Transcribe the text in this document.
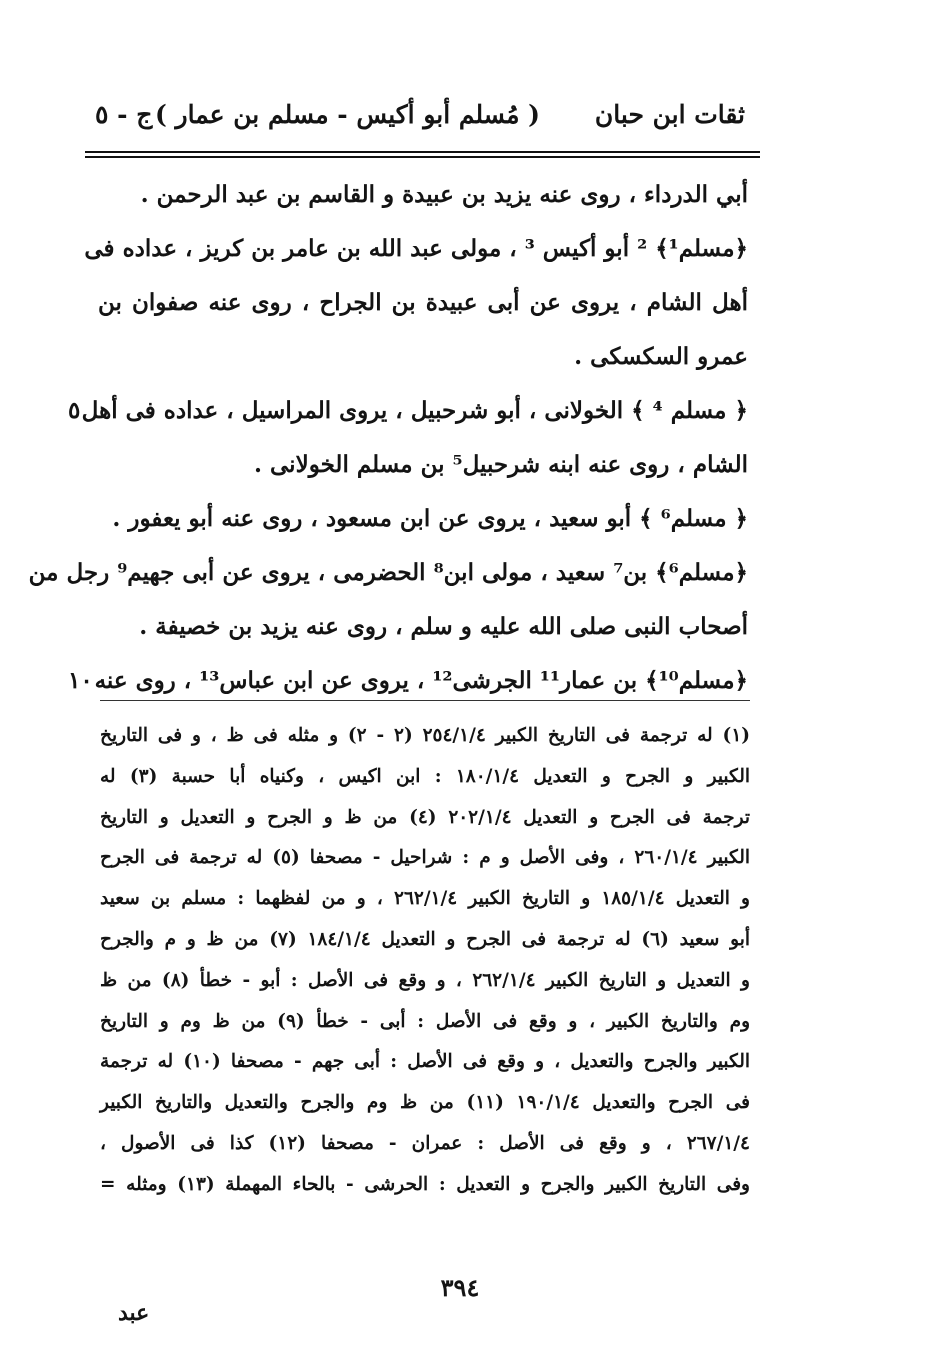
ثقات ابن حبان
( مُسلم أبو أكيس - مسلم بن عمار )
ج - ٥
أبي الدرداء ، روى عنه يزيد بن عبيدة و القاسم بن عبد الرحمن .
﴿مسلم¹﴾ ² أبو أكيس ³ ، مولى عبد الله بن عامر بن كريز ، عداده فى
أهل الشام ، يروى عن أبى عبيدة بن الجراح ، روى عنه صفوان بن
عمرو السكسكى .
﴿ مسلم ⁴ ﴾ الخولانى ، أبو شرحبيل ، يروى المراسيل ، عداده فى أهل
٥
الشام ، روى عنه ابنه شرحبيل⁵ بن مسلم الخولانى .
﴿ مسلم⁶ ﴾ أبو سعيد ، يروى عن ابن مسعود ، روى عنه أبو يعفور .
﴿مسلم⁶﴾ بن⁷ سعيد ، مولى ابن⁸ الحضرمى ، يروى عن أبى جهيم⁹ رجل من
أصحاب النبى صلى الله عليه و سلم ، روى عنه يزيد بن خصيفة .
﴿مسلم¹⁰﴾ بن عمار¹¹ الجرشى¹² ، يروى عن ابن عباس¹³ ، روى عنه
١٠
(١) له ترجمة فى التاريخ الكبير ٢٥٤/١/٤ (٢ - ٢) و مثله فى ظ ، و فى التاريخ
الكبير و الجرح و التعديل ١٨٠/١/٤ : ابن اكيس ، وكنياه أبا حسبة (٣) له
ترجمة فى الجرح و التعديل ٢٠٢/١/٤ (٤) من ظ و الجرح و التعديل و التاريخ
الكبير ٢٦٠/١/٤ ، وفى الأصل و م : شراحيل - مصحفا (٥) له ترجمة فى الجرح
و التعديل ١٨٥/١/٤ و التاريخ الكبير ٢٦٢/١/٤ ، و من لفظهما : مسلم بن سعيد
أبو سعيد (٦) له ترجمة فى الجرح و التعديل ١٨٤/١/٤ (٧) من ظ و م والجرح
و التعديل و التاريخ الكبير ٢٦٢/١/٤ ، و وقع فى الأصل : أبو - خطأ (٨) من ظ
وم والتاريخ الكبير ، و وقع فى الأصل : أبى - خطأ (٩) من ظ وم و التاريخ
الكبير والجرح والتعديل ، و وقع فى الأصل : أبى جهم - مصحفا (١٠) له ترجمة
فى الجرح والتعديل ١٩٠/١/٤ (١١) من ظ وم والجرح والتعديل والتاريخ الكبير
٢٦٧/١/٤ ، و وقع فى الأصل : عمران - مصحفا (١٢) كذا فى الأصول ،
وفى التاريخ الكبير والجرح و التعديل : الحرشى - بالحاء المهملة (١٣) ومثله =
٣٩٤
عبد
